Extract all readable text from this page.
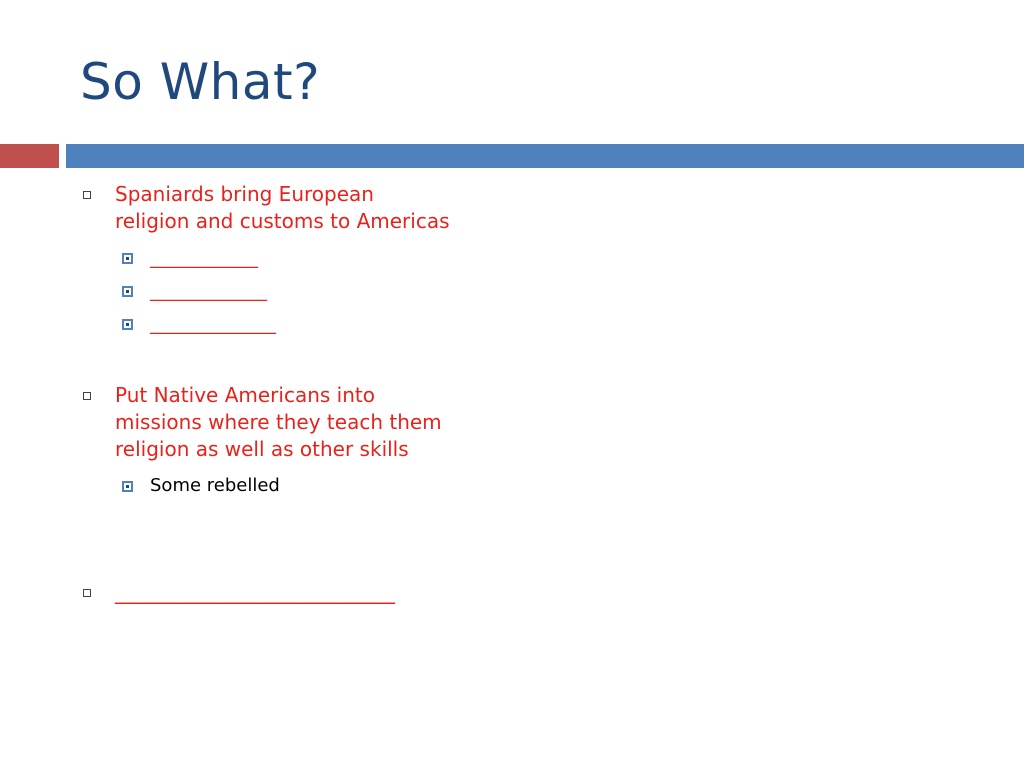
So What?
Spaniards bring European
religion and customs to Americas
____________
_____________
______________
Put Native Americans into
missions where they teach them
religion as well as other skills
Some rebelled
____________________________
